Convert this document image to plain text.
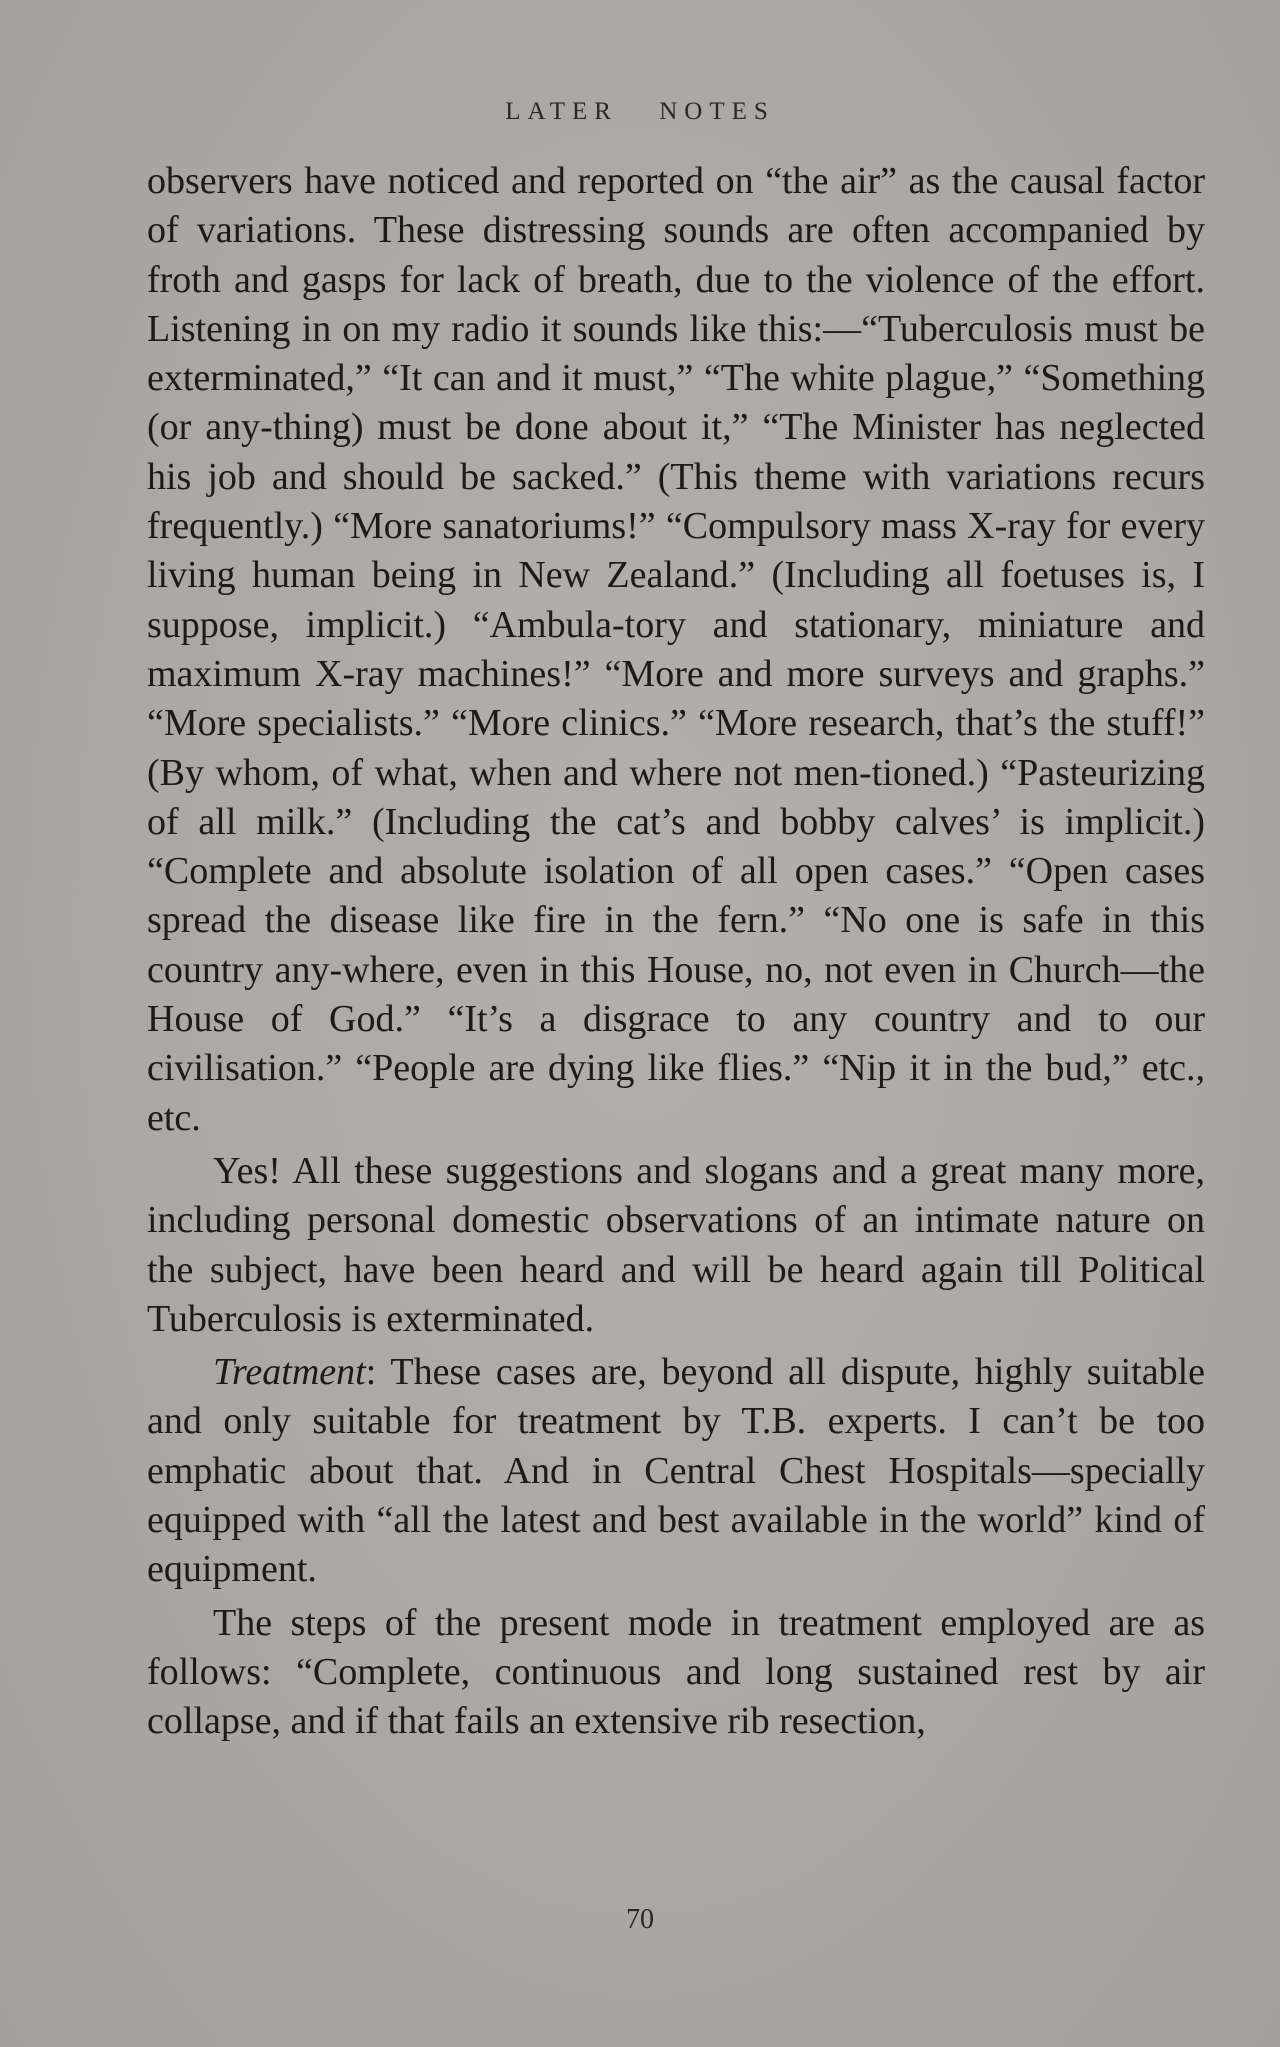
LATER NOTES

observers have noticed and reported on “the air” as the causal factor of variations. These distressing sounds are often accompanied by froth and gasps for lack of breath, due to the violence of the effort. Listening in on my radio it sounds like this:—“Tuberculosis must be exterminated,” “It can and it must,” “The white plague,” “Something (or any‑thing) must be done about it,” “The Minister has neglected his job and should be sacked.” (This theme with variations recurs frequently.) “More sanatoriums!” “Compulsory mass X‑ray for every living human being in New Zealand.” (Including all foetuses is, I suppose, implicit.) “Ambula‑tory and stationary, miniature and maximum X‑ray machines!” “More and more surveys and graphs.” “More specialists.” “More clinics.” “More research, that’s the stuff!” (By whom, of what, when and where not men‑tioned.) “Pasteurizing of all milk.” (Including the cat’s and bobby calves’ is implicit.) “Complete and absolute isolation of all open cases.” “Open cases spread the disease like fire in the fern.” “No one is safe in this country any‑where, even in this House, no, not even in Church—the House of God.” “It’s a disgrace to any country and to our civilisation.” “People are dying like flies.” “Nip it in the bud,” etc., etc.

Yes! All these suggestions and slogans and a great many more, including personal domestic observations of an intimate nature on the subject, have been heard and will be heard again till Political Tuberculosis is exterminated.

Treatment: These cases are, beyond all dispute, highly suitable and only suitable for treatment by T.B. experts. I can’t be too emphatic about that. And in Central Chest Hospitals—specially equipped with “all the latest and best available in the world” kind of equipment.

The steps of the present mode in treatment employed are as follows: “Complete, continuous and long sustained rest by air collapse, and if that fails an extensive rib resection,

70
